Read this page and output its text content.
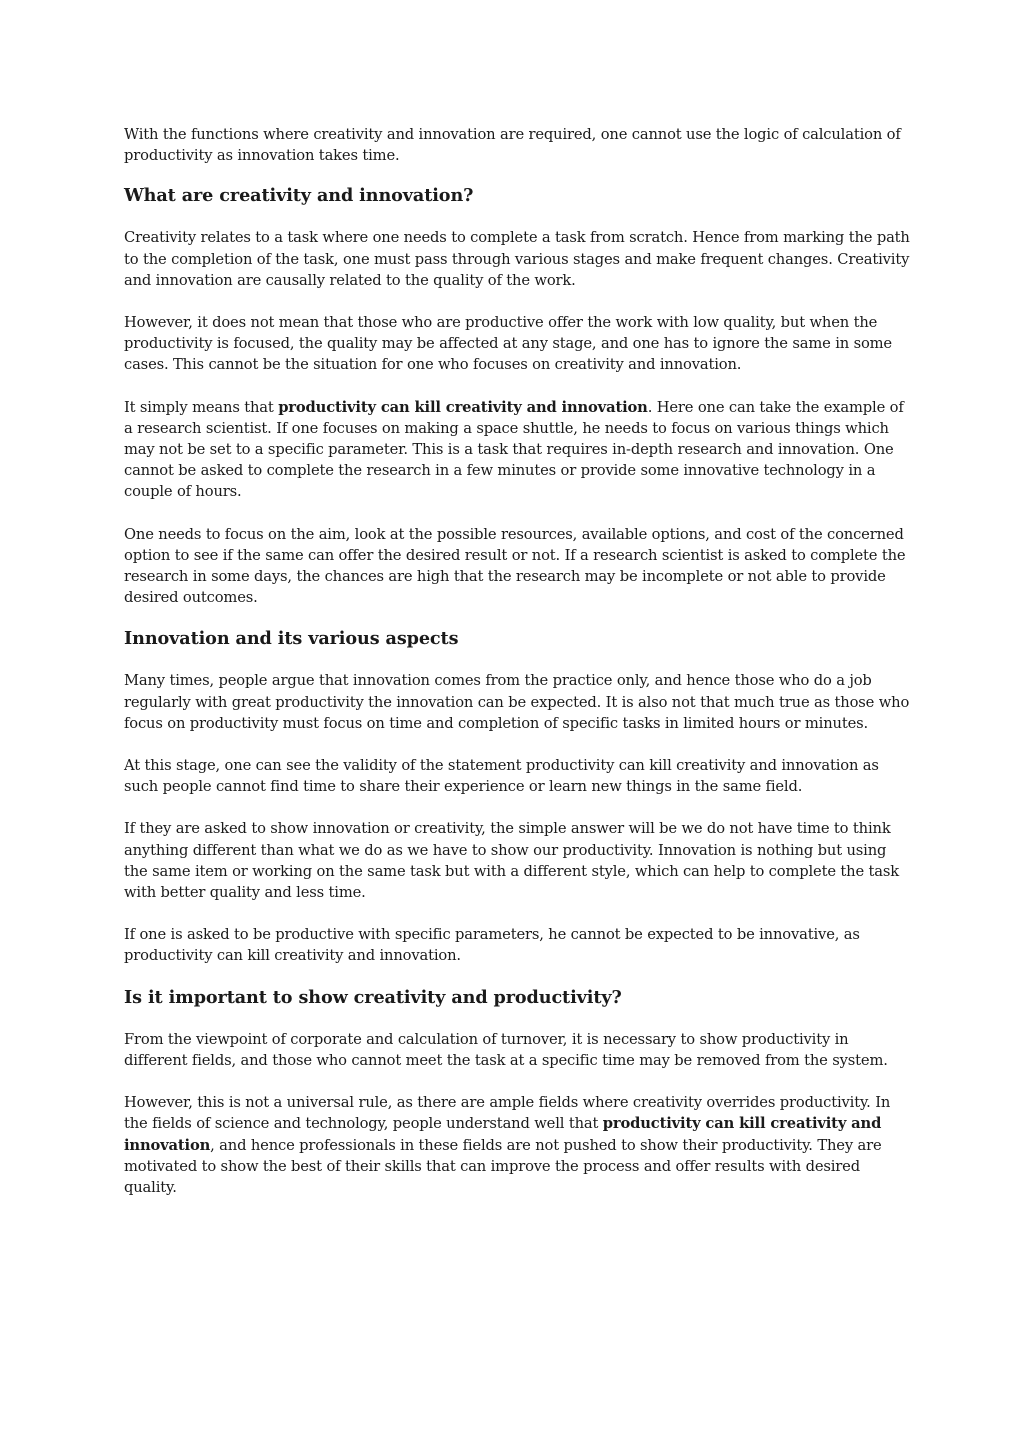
With the functions where creativity and innovation are required, one cannot use the logic of calculation of productivity as innovation takes time.

What are creativity and innovation?

Creativity relates to a task where one needs to complete a task from scratch. Hence from marking the path to the completion of the task, one must pass through various stages and make frequent changes. Creativity and innovation are causally related to the quality of the work.

However, it does not mean that those who are productive offer the work with low quality, but when the productivity is focused, the quality may be affected at any stage, and one has to ignore the same in some cases. This cannot be the situation for one who focuses on creativity and innovation.

It simply means that productivity can kill creativity and innovation. Here one can take the example of a research scientist. If one focuses on making a space shuttle, he needs to focus on various things which may not be set to a specific parameter. This is a task that requires in-depth research and innovation. One cannot be asked to complete the research in a few minutes or provide some innovative technology in a couple of hours.

One needs to focus on the aim, look at the possible resources, available options, and cost of the concerned option to see if the same can offer the desired result or not. If a research scientist is asked to complete the research in some days, the chances are high that the research may be incomplete or not able to provide desired outcomes.

Innovation and its various aspects

Many times, people argue that innovation comes from the practice only, and hence those who do a job regularly with great productivity the innovation can be expected. It is also not that much true as those who focus on productivity must focus on time and completion of specific tasks in limited hours or minutes.

At this stage, one can see the validity of the statement productivity can kill creativity and innovation as such people cannot find time to share their experience or learn new things in the same field.

If they are asked to show innovation or creativity, the simple answer will be we do not have time to think anything different than what we do as we have to show our productivity. Innovation is nothing but using the same item or working on the same task but with a different style, which can help to complete the task with better quality and less time.

If one is asked to be productive with specific parameters, he cannot be expected to be innovative, as productivity can kill creativity and innovation.

Is it important to show creativity and productivity?

From the viewpoint of corporate and calculation of turnover, it is necessary to show productivity in different fields, and those who cannot meet the task at a specific time may be removed from the system.

However, this is not a universal rule, as there are ample fields where creativity overrides productivity. In the fields of science and technology, people understand well that productivity can kill creativity and innovation, and hence professionals in these fields are not pushed to show their productivity. They are motivated to show the best of their skills that can improve the process and offer results with desired quality.
